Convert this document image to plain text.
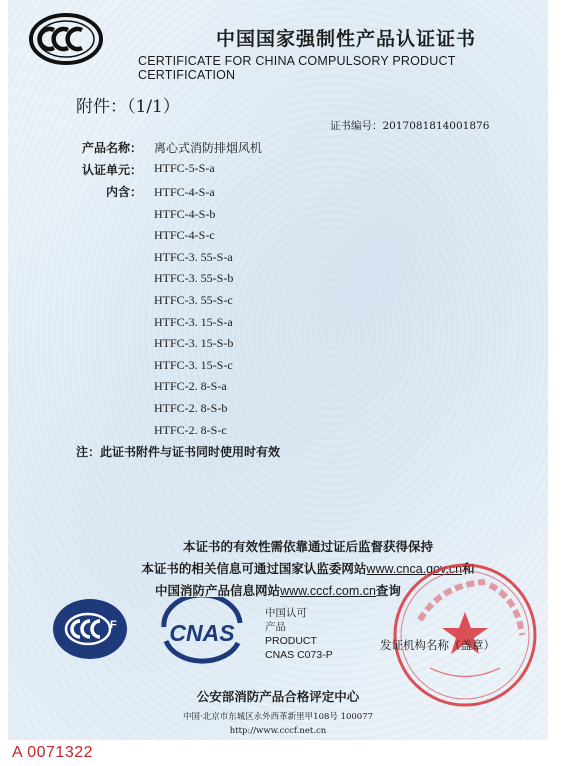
中国国家强制性产品认证证书
CERTIFICATE FOR CHINA COMPULSORY PRODUCT CERTIFICATION
附件：（1/1）
证书编号：2017081814001876
产品名称： 离心式消防排烟风机
认证单元： HTFC-5-S-a
内含： HTFC-4-S-a
HTFC-4-S-b
HTFC-4-S-c
HTFC-3. 55-S-a
HTFC-3. 55-S-b
HTFC-3. 55-S-c
HTFC-3. 15-S-a
HTFC-3. 15-S-b
HTFC-3. 15-S-c
HTFC-2. 8-S-a
HTFC-2. 8-S-b
HTFC-2. 8-S-c
注：此证书附件与证书同时使用时有效
本证书的有效性需依靠通过证后监督获得保持
本证书的相关信息可通过国家认监委网站www.cnca.gov.cn和
中国消防产品信息网站www.cccf.com.cn查询
F CNAS
中国认可
产品
PRODUCT
CNAS C073-P
发证机构名称（盖章）
公安部消防产品合格评定中心
中国·北京市东城区永外西革新里甲108号 100077
http://www.cccf.net.cn
A 0071322
